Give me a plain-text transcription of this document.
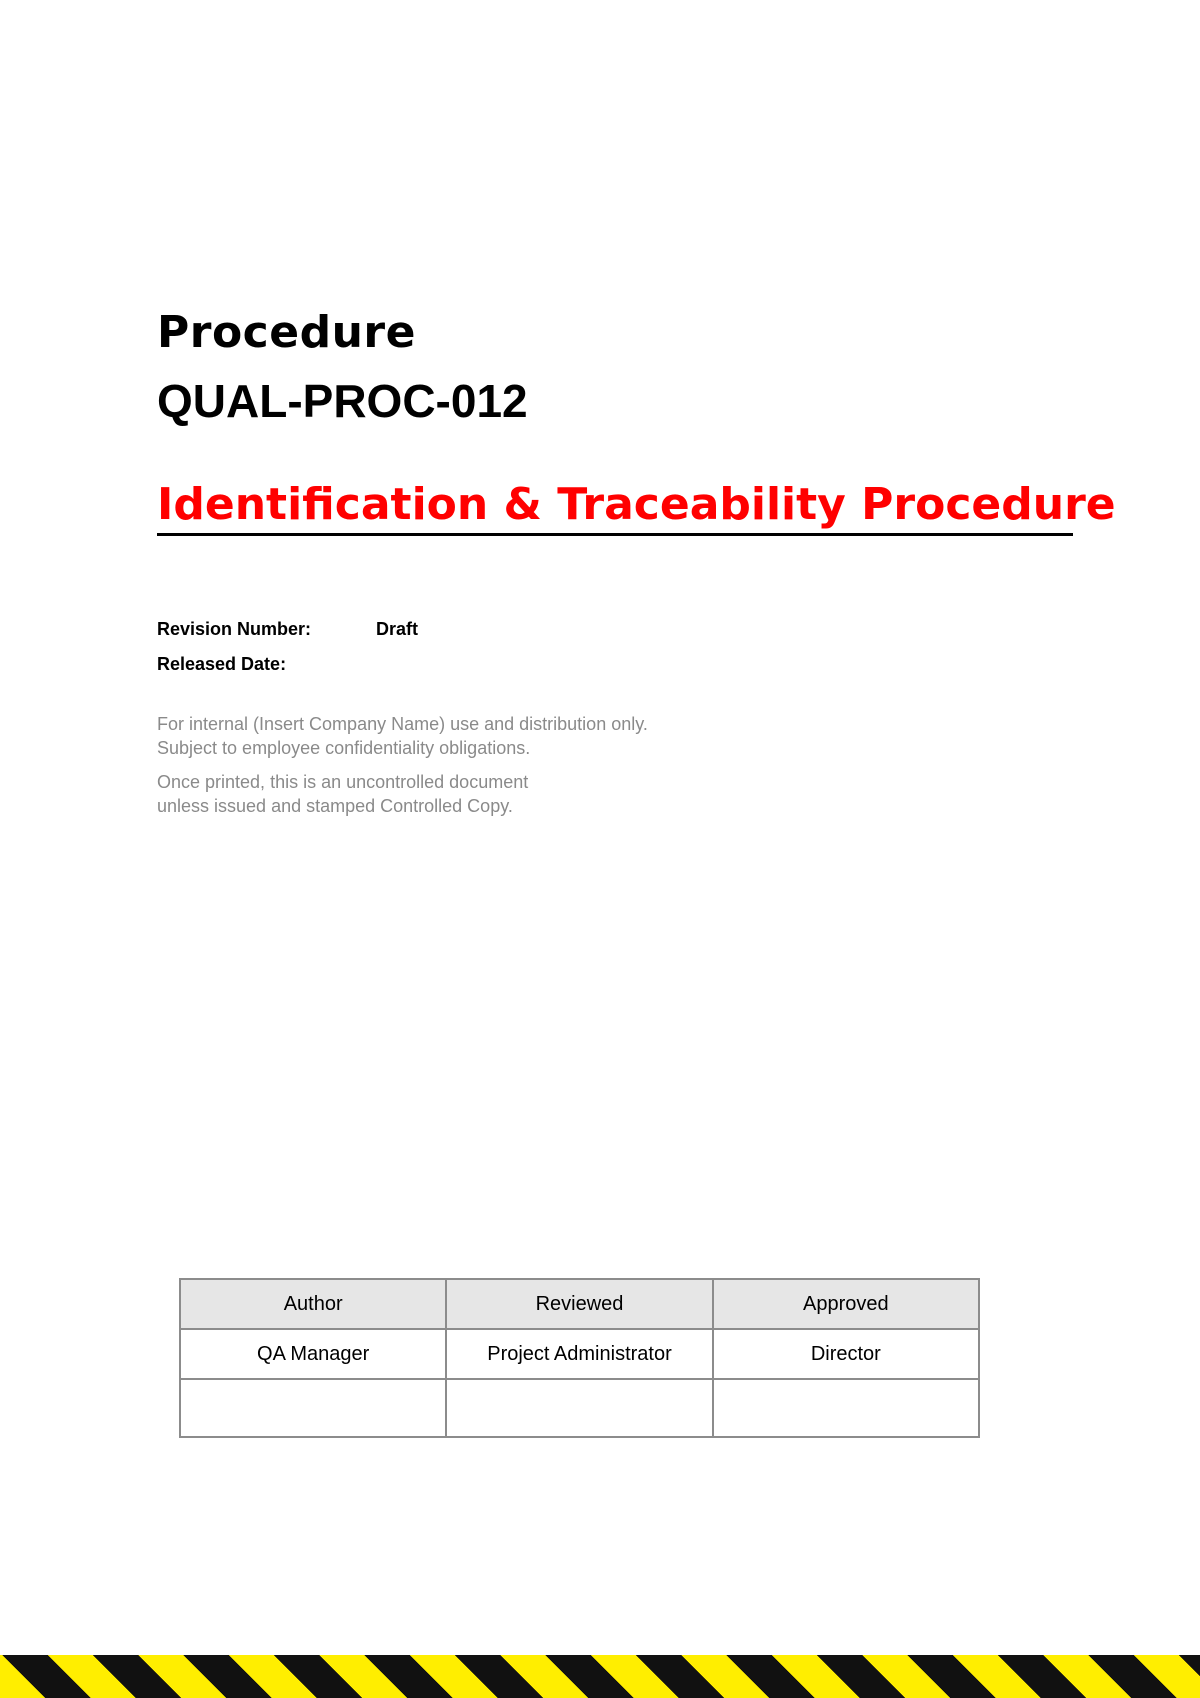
Procedure
QUAL-PROC-012
Identification & Traceability Procedure
Revision Number:	Draft
Released Date:
For internal (Insert Company Name) use and distribution only.
Subject to employee confidentiality obligations.
Once printed, this is an uncontrolled document
unless issued and stamped Controlled Copy.
Author	Reviewed	Approved
QA Manager	Project Administrator	Director
